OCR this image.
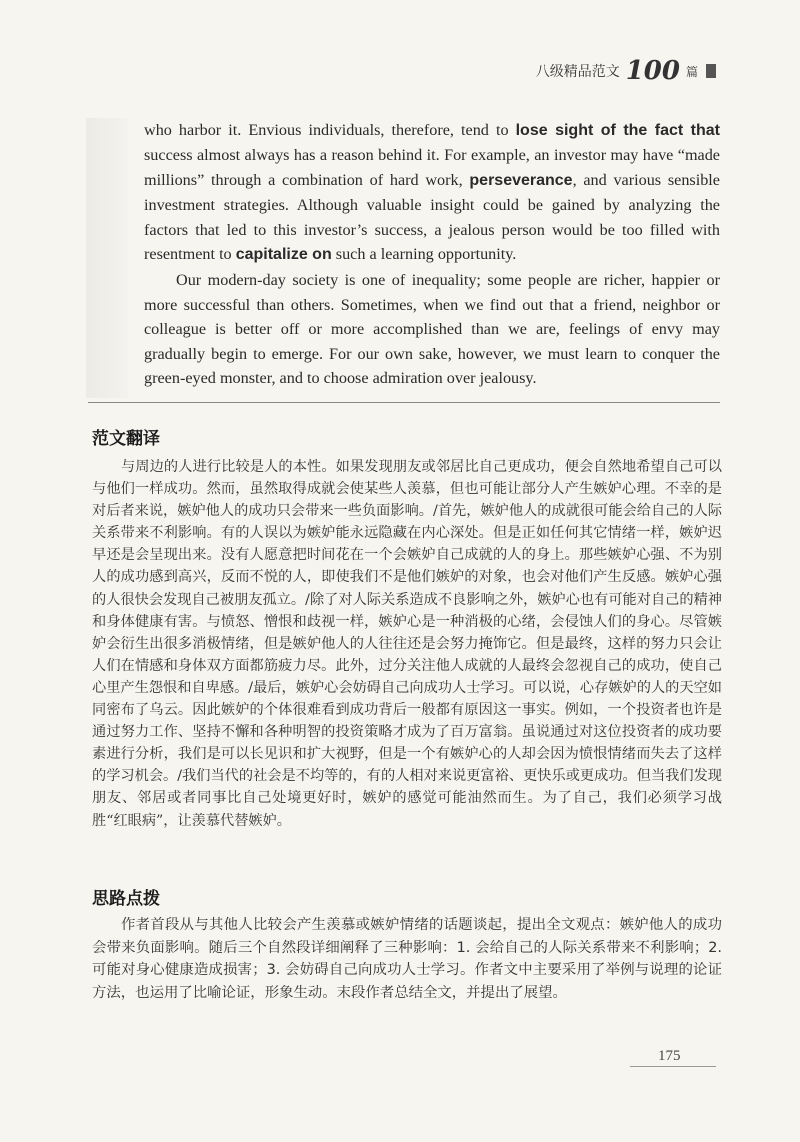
八级精品范文 100 篇

who harbor it. Envious individuals, therefore, tend to lose sight of the fact that success almost always has a reason behind it. For example, an investor may have “made millions” through a combination of hard work, perseverance, and various sensible investment strategies. Although valuable insight could be gained by analyzing the factors that led to this investor’s success, a jealous person would be too filled with resentment to capitalize on such a learning opportunity.

Our modern-day society is one of inequality; some people are richer, happier or more successful than others. Sometimes, when we find out that a friend, neighbor or colleague is better off or more accomplished than we are, feelings of envy may gradually begin to emerge. For our own sake, however, we must learn to conquer the green-eyed monster, and to choose admiration over jealousy.

范文翻译

与周边的人进行比较是人的本性。如果发现朋友或邻居比自己更成功，便会自然地希望自己可以与他们一样成功。然而，虽然取得成就会使某些人羡慕，但也可能让部分人产生嫉妒心理。不幸的是对后者来说，嫉妒他人的成功只会带来一些负面影响。/首先，嫉妒他人的成就很可能会给自己的人际关系带来不利影响。有的人误以为嫉妒能永远隐藏在内心深处。但是正如任何其它情绪一样，嫉妒迟早还是会呈现出来。没有人愿意把时间花在一个会嫉妒自己成就的人的身上。那些嫉妒心强、不为别人的成功感到高兴，反而不悦的人，即使我们不是他们嫉妒的对象，也会对他们产生反感。嫉妒心强的人很快会发现自己被朋友孤立。/除了对人际关系造成不良影响之外，嫉妒心也有可能对自己的精神和身体健康有害。与愤怒、憎恨和歧视一样，嫉妒心是一种消极的心绪，会侵蚀人们的身心。尽管嫉妒会衍生出很多消极情绪，但是嫉妒他人的人往往还是会努力掩饰它。但是最终，这样的努力只会让人们在情感和身体双方面都筋疲力尽。此外，过分关注他人成就的人最终会忽视自己的成功，使自己心里产生怨恨和自卑感。/最后，嫉妒心会妨碍自己向成功人士学习。可以说，心存嫉妒的人的天空如同密布了乌云。因此嫉妒的个体很难看到成功背后一般都有原因这一事实。例如，一个投资者也许是通过努力工作、坚持不懈和各种明智的投资策略才成为了百万富翁。虽说通过对这位投资者的成功要素进行分析，我们是可以长见识和扩大视野，但是一个有嫉妒心的人却会因为愤恨情绪而失去了这样的学习机会。/我们当代的社会是不均等的，有的人相对来说更富裕、更快乐或更成功。但当我们发现朋友、邻居或者同事比自己处境更好时，嫉妒的感觉可能油然而生。为了自己，我们必须学习战胜“红眼病”，让羡慕代替嫉妒。

思路点拨

作者首段从与其他人比较会产生羡慕或嫉妒情绪的话题谈起，提出全文观点：嫉妒他人的成功会带来负面影响。随后三个自然段详细阐释了三种影响：1. 会给自己的人际关系带来不利影响；2. 可能对身心健康造成损害；3. 会妨碍自己向成功人士学习。作者文中主要采用了举例与说理的论证方法，也运用了比喻论证，形象生动。末段作者总结全文，并提出了展望。

175
